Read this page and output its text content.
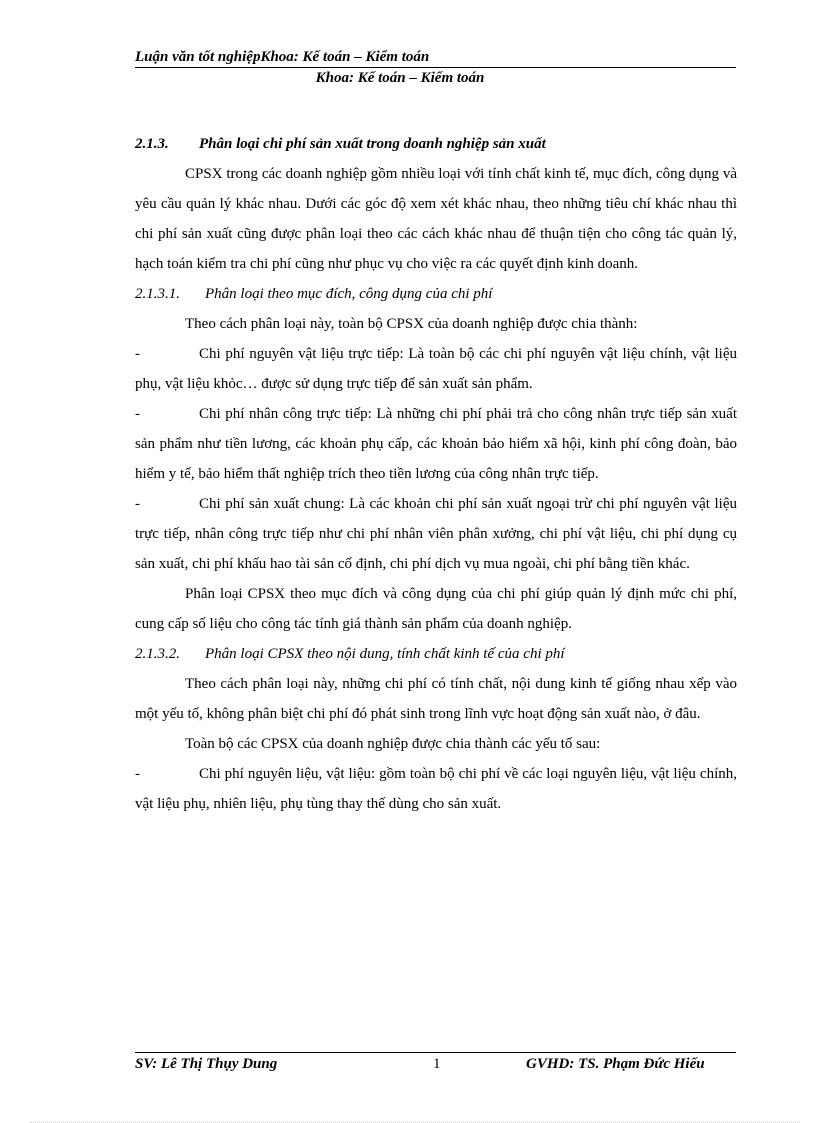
Luận văn tốt nghiệpKhoa: Kế toán – Kiểm toán
Khoa: Kế toán – Kiểm toán

2.1.3. Phân loại chi phí sản xuất trong doanh nghiệp sản xuất

CPSX trong các doanh nghiệp gồm nhiều loại với tính chất kinh tế, mục đích, công dụng và yêu cầu quản lý khác nhau. Dưới các góc độ xem xét khác nhau, theo những tiêu chí khác nhau thì chi phí sản xuất cũng được phân loại theo các cách khác nhau để thuận tiện cho công tác quản lý, hạch toán kiểm tra chi phí cũng như phục vụ cho việc ra các quyết định kinh doanh.

2.1.3.1. Phân loại theo mục đích, công dụng của chi phí

Theo cách phân loại này, toàn bộ CPSX của doanh nghiệp được chia thành:

-	Chi phí nguyên vật liệu trực tiếp: Là toàn bộ các chi phí nguyên vật liệu chính, vật liệu phụ, vật liệu khỏc… được sử dụng trực tiếp để sản xuất sản phẩm.

-	Chi phí nhân công trực tiếp: Là những chi phí phải trả cho công nhân trực tiếp sản xuất sản phẩm như tiền lương, các khoản phụ cấp, các khoản bảo hiểm xã hội, kinh phí công đoàn, bảo hiểm y tế, bảo hiểm thất nghiệp trích theo tiền lương của công nhân trực tiếp.

-	Chi phí sản xuất chung: Là các khoản chi phí sản xuất ngoại trừ chi phí nguyên vật liệu trực tiếp, nhân công trực tiếp như chi phí nhân viên phân xưởng, chi phí vật liệu, chi phí dụng cụ sản xuất, chi phí khấu hao tài sản cố định, chi phí dịch vụ mua ngoài, chi phí bằng tiền khác.

Phân loại CPSX theo mục đích và công dụng của chi phí giúp quản lý định mức chi phí, cung cấp số liệu cho công tác tính giá thành sản phẩm của doanh nghiệp.

2.1.3.2. Phân loại CPSX theo nội dung, tính chất kinh tế của chi phí

Theo cách phân loại này, những chi phí có tính chất, nội dung kinh tế giống nhau xếp vào một yếu tố, không phân biệt chi phí đó phát sinh trong lĩnh vực hoạt động sản xuất nào, ở đâu.

Toàn bộ các CPSX của doanh nghiệp được chia thành các yếu tố sau:

-	Chi phí nguyên liệu, vật liệu: gồm toàn bộ chi phí về các loại nguyên liệu, vật liệu chính, vật liệu phụ, nhiên liệu, phụ tùng thay thế dùng cho sản xuất.

SV: Lê Thị Thụy Dung	1	GVHD: TS. Phạm Đức Hiếu
